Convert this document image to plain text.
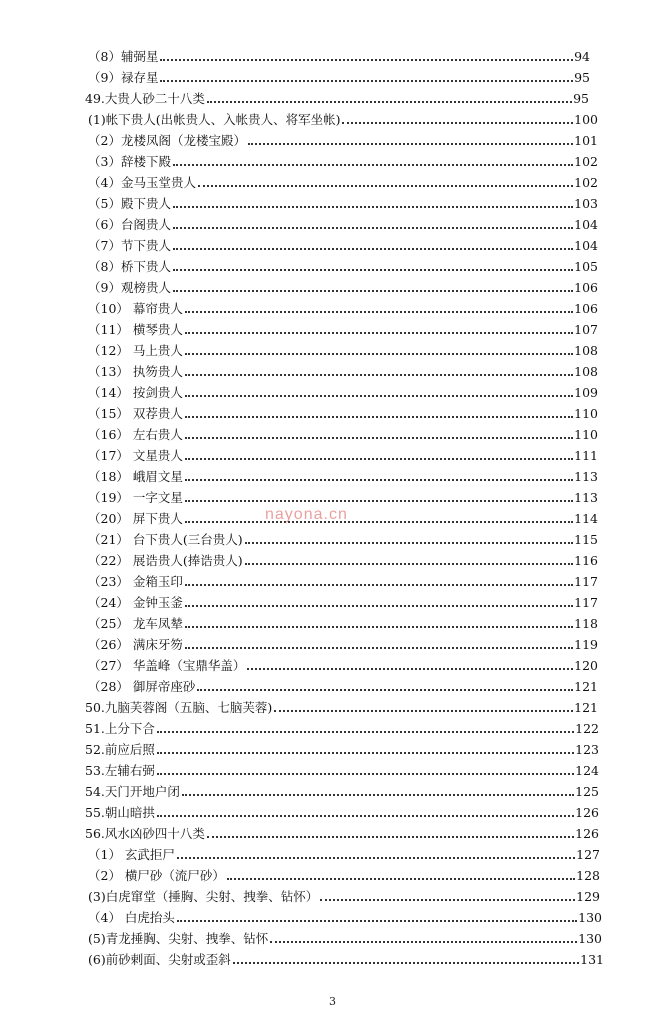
（8）辅弼星	94
（9）禄存星	95
49.大贵人砂二十八类	95
(1)帐下贵人(出帐贵人、入帐贵人、将军坐帐)	100
（2）龙楼凤阁（龙楼宝殿）	101
（3）辞楼下殿	102
（4）金马玉堂贵人	102
（5）殿下贵人	103
（6）台阁贵人	104
（7）节下贵人	104
（8）桥下贵人	105
（9）观榜贵人	106
（10） 幕帘贵人	106
（11） 横琴贵人	107
（12） 马上贵人	108
（13） 执笏贵人	108
（14） 按剑贵人	109
（15） 双荐贵人	110
（16） 左右贵人	110
（17） 文星贵人	111
（18） 峨眉文星	113
（19） 一字文星	113
（20） 屏下贵人	114
（21） 台下贵人(三台贵人)	115
（22） 展诰贵人(捧诰贵人)	116
（23） 金箱玉印	117
（24） 金钟玉釜	117
（25） 龙车凤辇	118
（26） 满床牙笏	119
（27） 华盖峰（宝鼎华盖）	120
（28） 御屏帝座砂	121
50.九脑芙蓉阁（五脑、七脑芙蓉)	121
51.上分下合	122
52.前应后照	123
53.左辅右弼	124
54.天门开地户闭	125
55.朝山暗拱	126
56.风水凶砂四十八类	126
（1） 玄武拒尸	127
（2） 横尸砂（流尸砂）	128
(3)白虎窜堂（捶胸、尖射、拽拳、钻怀）	129
（4） 白虎抬头	130
(5)青龙捶胸、尖射、拽拳、钻怀	130
(6)前砂剌面、尖射或歪斜	131
nayona.cn
3
